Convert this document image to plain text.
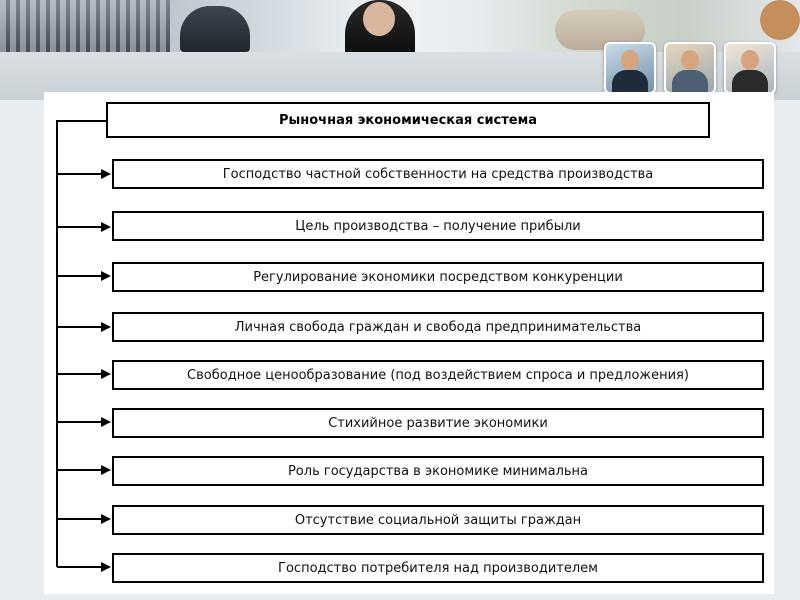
Рыночная экономическая система
Господство частной собственности на средства производства
Цель производства – получение прибыли
Регулирование экономики посредством конкуренции
Личная свобода граждан и свобода предпринимательства
Свободное ценообразование (под воздействием спроса и предложения)
Стихийное развитие экономики
Роль государства в экономике минимальна
Отсутствие социальной защиты граждан
Господство потребителя над производителем
